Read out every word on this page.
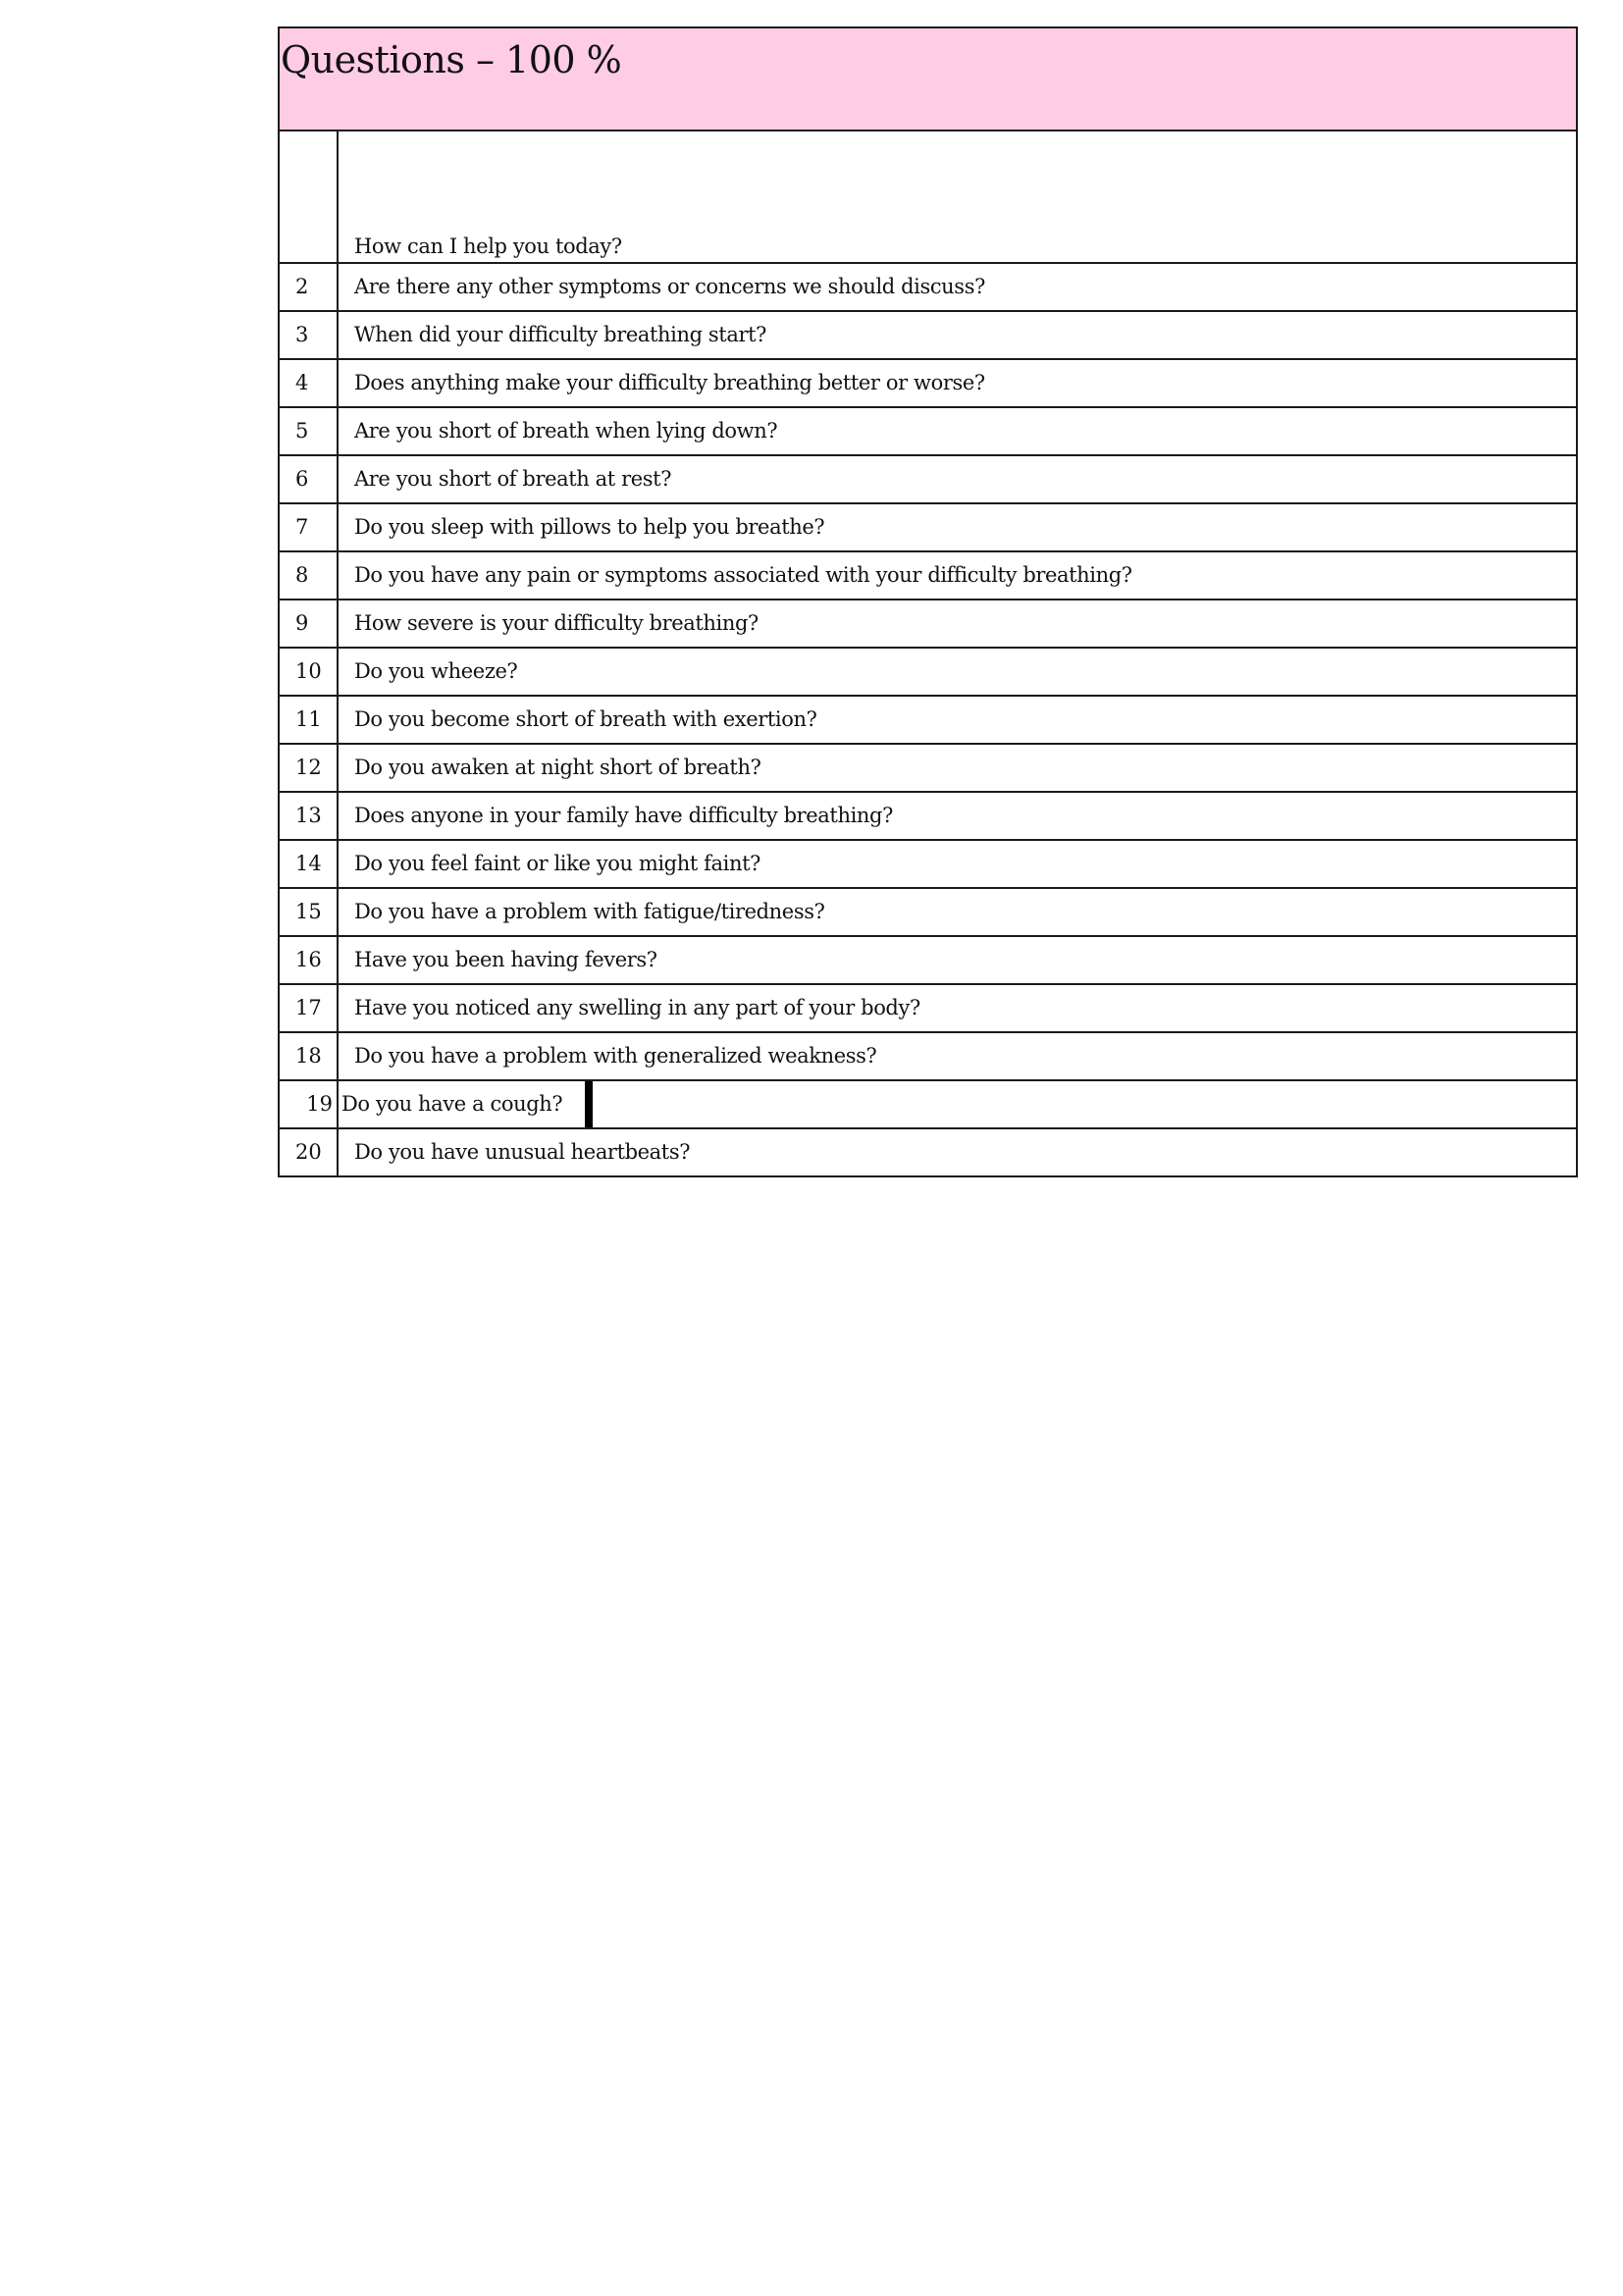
Questions – 100 %
How can I help you today?
2	Are there any other symptoms or concerns we should discuss?
3	When did your difficulty breathing start?
4	Does anything make your difficulty breathing better or worse?
5	Are you short of breath when lying down?
6	Are you short of breath at rest?
7	Do you sleep with pillows to help you breathe?
8	Do you have any pain or symptoms associated with your difficulty breathing?
9	How severe is your difficulty breathing?
10	Do you wheeze?
11	Do you become short of breath with exertion?
12	Do you awaken at night short of breath?
13	Does anyone in your family have difficulty breathing?
14	Do you feel faint or like you might faint?
15	Do you have a problem with fatigue/tiredness?
16	Have you been having fevers?
17	Have you noticed any swelling in any part of your body?
18	Do you have a problem with generalized weakness?
19 Do you have a cough?
20	Do you have unusual heartbeats?
